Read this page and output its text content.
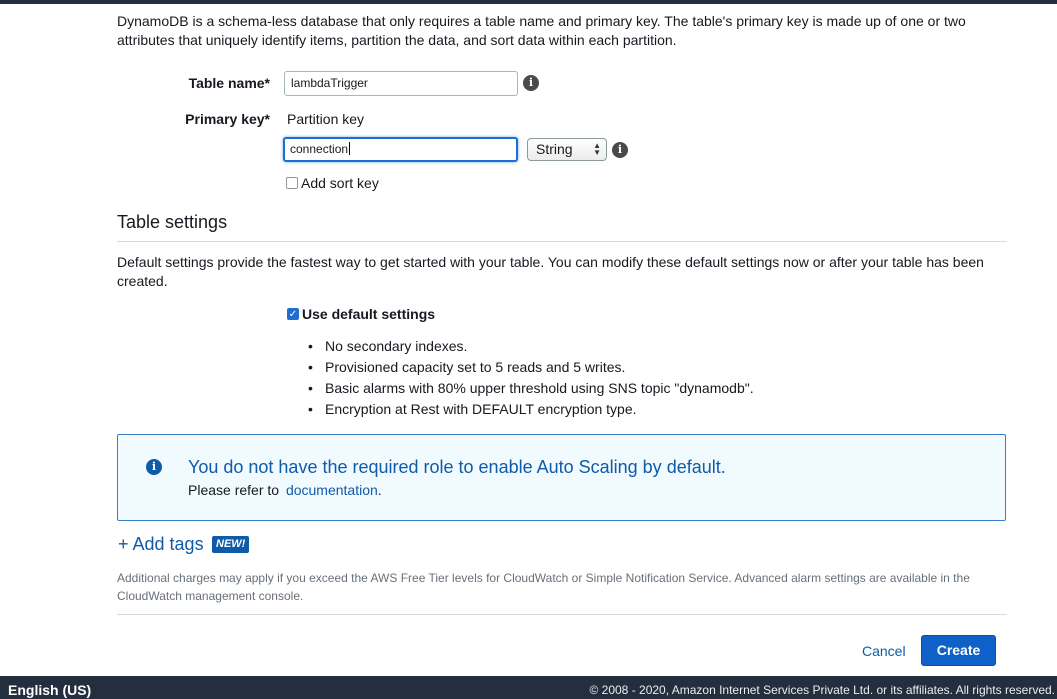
DynamoDB is a schema-less database that only requires a table name and primary key. The table's primary key is made up of one or two attributes that uniquely identify items, partition the data, and sort data within each partition.

Table name*	lambdaTrigger	i
Primary key* Partition key
connection	String	▲
▼	i
Add sort key
Table settings

Default settings provide the fastest way to get started with your table. You can modify these default settings now or after your table has been created.

✓ Use default settings
• No secondary indexes.
• Provisioned capacity set to 5 reads and 5 writes.
• Basic alarms with 80% upper threshold using SNS topic "dynamodb".
• Encryption at Rest with DEFAULT encryption type.
i	You do not have the required role to enable Auto Scaling by default.
Please refer to documentation.
+ Add tags	NEW!

Additional charges may apply if you exceed the AWS Free Tier levels for CloudWatch or Simple Notification Service. Advanced alarm settings are available in the CloudWatch management console.

Cancel	Create
English (US)	© 2008 - 2020, Amazon Internet Services Private Ltd. or its affiliates. All rights reserved.
